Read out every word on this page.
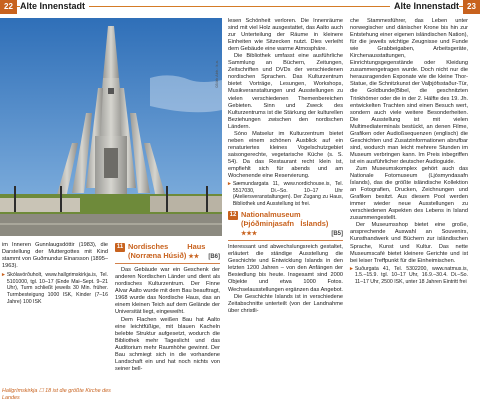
22 Alte Innenstadt	Alte Innenstadt	23
034rk Abb.: k.a.

im Inneren Gunnlaugsdóttir (1983), die Darstellung der Muttergottes mit Kind stammt von Guðmundur Einarsson (1895–1963).

▸ Skólavörðuholt, www.hallgrimskirkja.is, Tel. 5101000, tgl. 10–17 (Ende Mai–Sept. 9–21 Uhr), Turm schließt jeweils 30 Min. früher. Turmbesteigung 1000 ISK, Kinder (7–16 Jahre) 100 ISK
Hallgrímskirkja ☐ 18 ist die größte Kirche des Landes
11 Nordisches Haus (Norræna Húsið) ★★	[B6]

Das Gebäude war ein Geschenk der anderen Nordischen Länder und dient als nordisches Kulturzentrum. Der Finne Alvar Aalto wurde mit dem Bau beauftragt, 1968 wurde das Nordische Haus, das an einem kleinen Teich auf dem Gelände der Universität liegt, eingeweiht.

Dem Flachen weißen Bau hat Aalto eine leichtfüßige, mit blauen Kacheln belebte Struktur aufgesetzt, wodurch die Bibliothek mehr Tageslicht und das Auditorium mehr Raumhöhe gewinnt. Der Bau schmiegt sich in die vorhandene Landschaft ein und hat noch nichts von seiner bell-

lesen Schönheit verloren. Die Innenräume sind mit viel Holz ausgestattet, das Aalto auch zur Unterteilung der Räume in kleinere Einheiten wie Sitzecken nutzt. Dies verleiht dem Gebäude eine warme Atmosphäre.

Die Bibliothek umfasst eine ausführliche Sammlung an Büchern, Zeitungen, Zeitschriften und DVDs der verschiedenen nordischen Sprachen. Das Kulturzentrum bietet Vorträge, Lesungen, Workshops, Musikveranstaltungen und Ausstellungen zu vielen verschiedenen Themenbereichen Gebieten. Sinn und Zweck des Kulturzentrums ist die Stärkung der kulturellen Beziehungen zwischen den nordischen Ländern.

Sóno Matselur im Kulturzentrum bietet neben einem schönen Ausblick auf ein renaturiertes kleines Vogelschutzgebiet saisongerechte, vegetarische Küche (s. S. 54). Da das Restaurant recht klein ist, empfiehlt sich für abends und am Wochenende eine Reservierung.

▸ Sæmundargata 11, www.nordichouse.is, Tel. 5517030, Di.–So. 10–17 Uhr (Ateliersveranstaltungen). Der Zugang zu Haus, Bibliothek und Ausstellung ist frei.
12 Nationalmuseum (Þjóðminjasafn Íslands) ★★★	[B5]

Interessant und abwechslungsreich gestaltet, erläutert die ständige Ausstellung die Geschichte und Entwicklung Islands in den letzten 1200 Jahren – von den Anfängen der Besiedlung bis heute. Insgesamt sind 2000 Objekte und etwa 1000 Fotos. Wechselausstellungen ergänzen das Angebot.

Die Geschichte Islands ist in verschiedene Zeitabschnitte unterteilt (von der Landnahme über christli-

che Stammesführer, das Leben unter norwegischer und dänischer Krone bis hin zur Entstehung einer eigenen isländischen Nation), für die jeweils wichtige Zeugnisse und Funde wie Grabbeigaben, Arbeitsgeräte, Kirchenausstattungen, Einrichtungsgegenstände oder Kleidung zusammengetragen wurde. Doch nicht nur die herausragenden Exponate wie die kleine Thor-Statue, die Schnitzkunst der Valþjófsstaður-Tür, die Goldbunde(Bibel, die geschnitzten Trinkhörner oder die in der 2. Hälfte des 19. Jh. entwickelten Trachten sind einen Besuch wert, sondern auch viele weitere Besonderheiten. Die Ausstellung ist mit vielen Multimediaterminals bestückt, an denen Filme, Grafiken oder Audioßsequenzen (englisch) die Geschichten und Zusatzinformationen abrufbar sind, wodurch man leicht mehrere Stunden im Museum verbringen kann. Im Preis inbegriffen ist ein ausführlicher deutscher Audioguide.

Zum Museumskomplex gehört auch das Nationale Fotomuseum (Ljósmyndasafn Íslands), das die größte isländische Kollektion an Fotografien, Drucken, Zeichnungen und Grafiken besitzt. Aus diesem Pool werden immer wieder neue Ausstellungen zu verschiedenen Aspekten des Lebens in Island zusammengestellt.

Der Museumsshop bietet eine große, ansprechende Auswahl an Souvenirs, Kunsthandwerk und Büchern zur isländischen Sprache, Kunst und Kultur. Das nette Museumscafé bietet kleinere Gerichte und ist bei leiser Treffpunkt für die Einheimischen.

▸ Suðurgata 41, Tel. 5302200, www.natmus.is, 1.5.–15.9. tgl. 10–17 Uhr, 16.9.–30.4. Di.–So. 11–17 Uhr, 2500 ISK, unter 18 Jahren Eintritt frei
